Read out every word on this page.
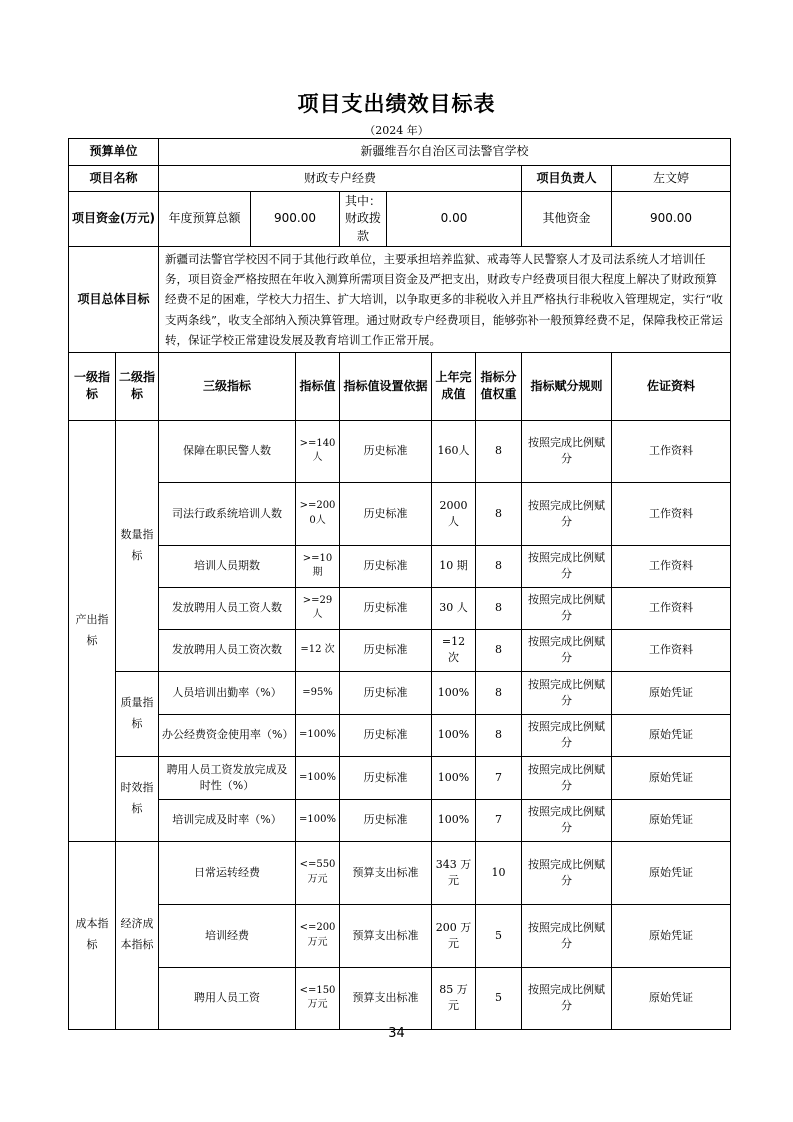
项目支出绩效目标表
（2024 年）
预算单位		新疆维吾尔自治区司法警官学校								
项目名称		财政专户经费							项目负责人	左文婷
项目资金(万元)		年度预算总额	900.00		其中：财政拨款	0.00			其他资金	900.00
项目总体目标		新疆司法警官学校因不同于其他行政单位，主要承担培养监狱、戒毒等人民警察人才及司法系统人才培训任务，项目资金严格按照在年收入测算所需项目资金及严把支出，财政专户经费项目很大程度上解决了财政预算经费不足的困难，学校大力招生、扩大培训，以争取更多的非税收入并且严格执行非税收入管理规定，实行“收支两条线”，收支全部纳入预决算管理。通过财政专户经费项目，能够弥补一般预算经费不足，保障我校正常运转，保证学校正常建设发展及教育培训工作正常开展。								
一级指标	二级指标	三级指标		指标值	指标值设置依据		上年完成值	指标分值权重	指标赋分规则	佐证资料
产出指标	数量指标	保障在职民警人数		>=140人	历史标准		160人	8	按照完成比例赋分	工作资料
		司法行政系统培训人数		>=2000人	历史标准		2000人	8	按照完成比例赋分	工作资料
		培训人员期数		>=10期	历史标准		10 期	8	按照完成比例赋分	工作资料
		发放聘用人员工资人数		>=29人	历史标准		30 人	8	按照完成比例赋分	工作资料
		发放聘用人员工资次数		=12 次	历史标准		=12 次	8	按照完成比例赋分	工作资料
	质量指标	人员培训出勤率（%）		=95%	历史标准		100%	8	按照完成比例赋分	原始凭证
		办公经费资金使用率（%）		=100%	历史标准		100%	8	按照完成比例赋分	原始凭证
	时效指标	聘用人员工资发放完成及时性（%）		=100%	历史标准		100%	7	按照完成比例赋分	原始凭证
		培训完成及时率（%）		=100%	历史标准		100%	7	按照完成比例赋分	原始凭证
成本指标	经济成本指标	日常运转经费		<=550万元	预算支出标准		343 万元	10	按照完成比例赋分	原始凭证
		培训经费		<=200万元	预算支出标准		200 万元	5	按照完成比例赋分	原始凭证
		聘用人员工资		<=150万元	预算支出标准		85 万元	5	按照完成比例赋分	原始凭证
34
